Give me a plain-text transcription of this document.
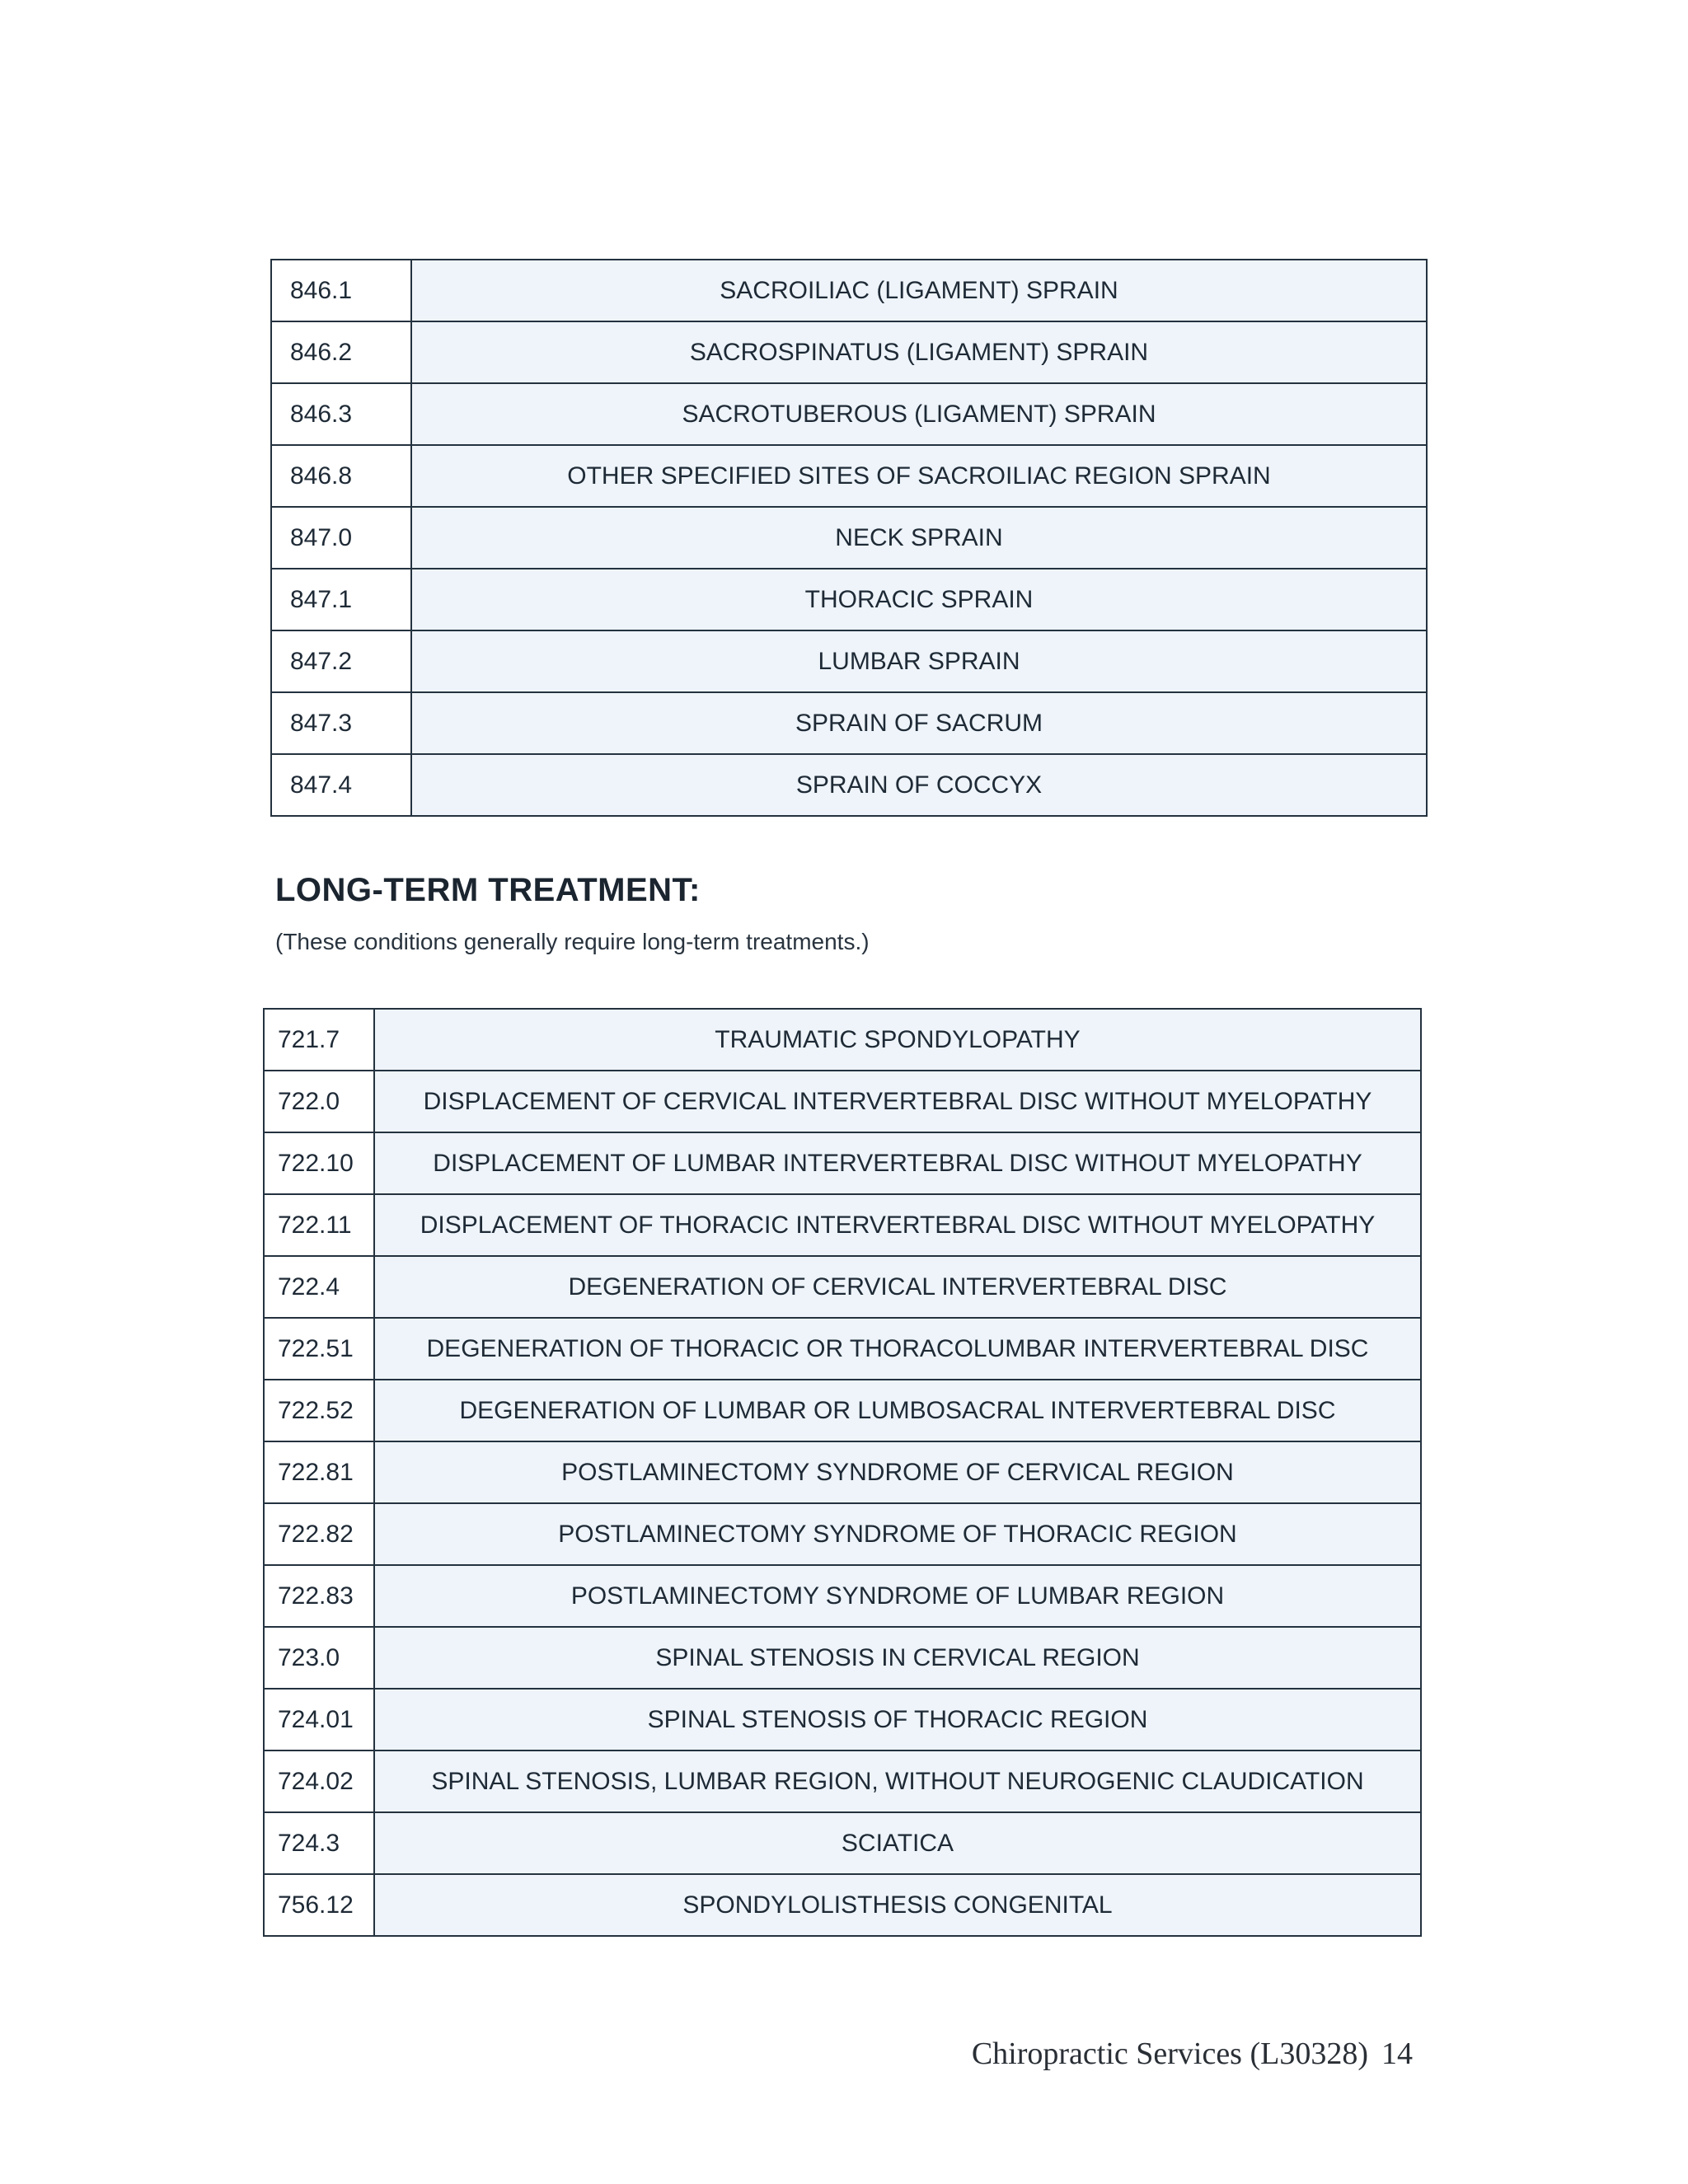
846.1	SACROILIAC (LIGAMENT) SPRAIN
846.2	SACROSPINATUS (LIGAMENT) SPRAIN
846.3	SACROTUBEROUS (LIGAMENT) SPRAIN
846.8	OTHER SPECIFIED SITES OF SACROILIAC REGION SPRAIN
847.0	NECK SPRAIN
847.1	THORACIC SPRAIN
847.2	LUMBAR SPRAIN
847.3	SPRAIN OF SACRUM
847.4	SPRAIN OF COCCYX
LONG-TERM TREATMENT:

(These conditions generally require long-term treatments.)

721.7	TRAUMATIC SPONDYLOPATHY
722.0	DISPLACEMENT OF CERVICAL INTERVERTEBRAL DISC WITHOUT MYELOPATHY
722.10	DISPLACEMENT OF LUMBAR INTERVERTEBRAL DISC WITHOUT MYELOPATHY
722.11	DISPLACEMENT OF THORACIC INTERVERTEBRAL DISC WITHOUT MYELOPATHY
722.4	DEGENERATION OF CERVICAL INTERVERTEBRAL DISC
722.51	DEGENERATION OF THORACIC OR THORACOLUMBAR INTERVERTEBRAL DISC
722.52	DEGENERATION OF LUMBAR OR LUMBOSACRAL INTERVERTEBRAL DISC
722.81	POSTLAMINECTOMY SYNDROME OF CERVICAL REGION
722.82	POSTLAMINECTOMY SYNDROME OF THORACIC REGION
722.83	POSTLAMINECTOMY SYNDROME OF LUMBAR REGION
723.0	SPINAL STENOSIS IN CERVICAL REGION
724.01	SPINAL STENOSIS OF THORACIC REGION
724.02	SPINAL STENOSIS, LUMBAR REGION, WITHOUT NEUROGENIC CLAUDICATION
724.3	SCIATICA
756.12	SPONDYLOLISTHESIS CONGENITAL

Chiropractic Services (L30328) 14
